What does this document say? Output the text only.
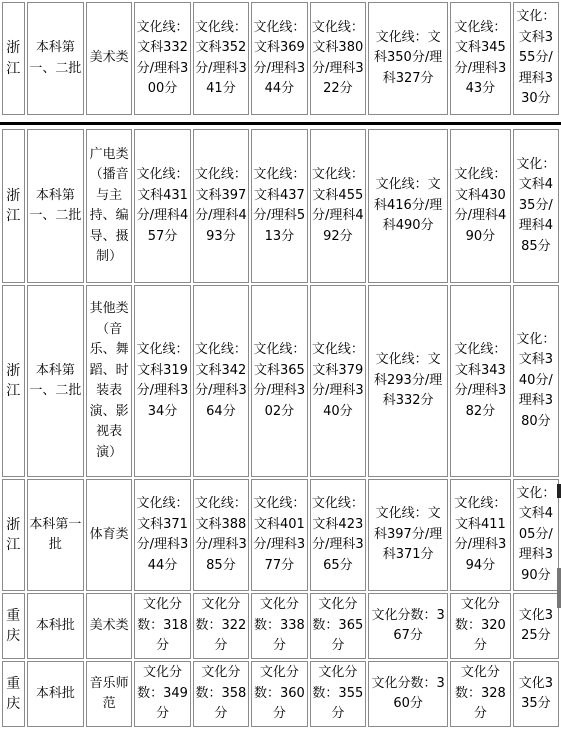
浙江	本科第一、二批	美术类	文化线：文科332分/理科300分	文化线：文科352分/理科341分	文化线：文科369分/理科344分	文化线：文科380分/理科322分	文化线：文科350分/理科327分	文化线：文科345分/理科343分	文化：文科355分/理科330分
浙江	本科第一、二批	广电类（播音与主持、编导、摄制）	文化线：文科431分/理科457分	文化线：文科397分/理科493分	文化线：文科437分/理科513分	文化线：文科455分/理科492分	文化线：文科416分/理科490分	文化线：文科430分/理科490分	文化：文科435分/理科485分
浙江	本科第一、二批	其他类（音乐、舞蹈、时装表演、影视表演）	文化线：文科319分/理科334分	文化线：文科342分/理科364分	文化线：文科365分/理科302分	文化线：文科379分/理科340分	文化线：文科293分/理科332分	文化线：文科343分/理科382分	文化：文科340分/理科380分
浙江	本科第一批	体育类	文化线：文科371分/理科344分	文化线：文科388分/理科385分	文化线：文科401分/理科377分	文化线：文科423分/理科365分	文化线：文科397分/理科371分	文化线：文科411分/理科394分	文化：文科405分/理科390分
重庆	本科批	美术类	文化分数：318分	文化分数：322分	文化分数：338分	文化分数：365分	文化分数：367分	文化分数：320分	文化325分
重庆	本科批	音乐师范	文化分数：349分	文化分数：358分	文化分数：360分	文化分数：355分	文化分数：360分	文化分数：328分	文化335分
